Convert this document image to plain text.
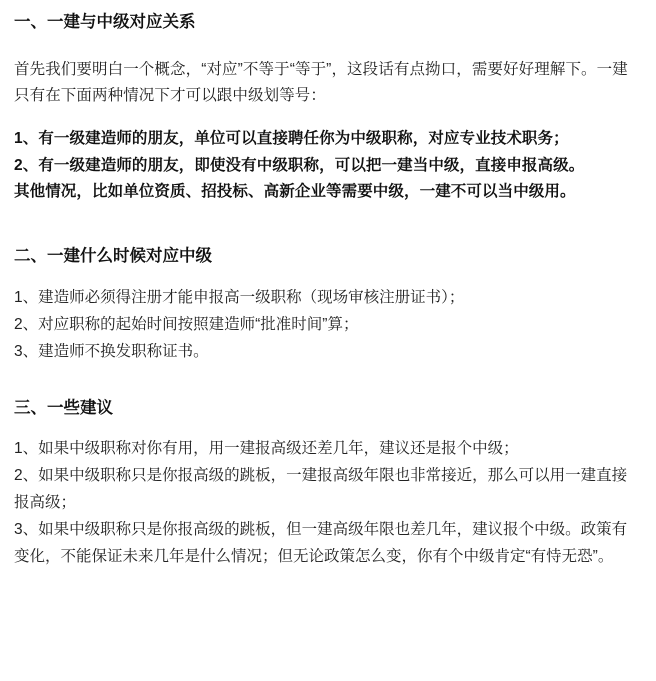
一、一建与中级对应关系

首先我们要明白一个概念，“对应”不等于“等于”，这段话有点拗口，需要好好理解下。一建只有在下面两种情况下才可以跟中级划等号：

1、有一级建造师的朋友，单位可以直接聘任你为中级职称，对应专业技术职务；

2、有一级建造师的朋友，即使没有中级职称，可以把一建当中级，直接申报高级。

其他情况，比如单位资质、招投标、高新企业等需要中级，一建不可以当中级用。

二、一建什么时候对应中级

1、建造师必须得注册才能申报高一级职称（现场审核注册证书）；

2、对应职称的起始时间按照建造师“批准时间”算；

3、建造师不换发职称证书。

三、一些建议

1、如果中级职称对你有用，用一建报高级还差几年，建议还是报个中级；

2、如果中级职称只是你报高级的跳板，一建报高级年限也非常接近，那么可以用一建直接报高级；

3、如果中级职称只是你报高级的跳板，但一建高级年限也差几年，建议报个中级。政策有变化，不能保证未来几年是什么情况；但无论政策怎么变，你有个中级肯定“有恃无恐”。
